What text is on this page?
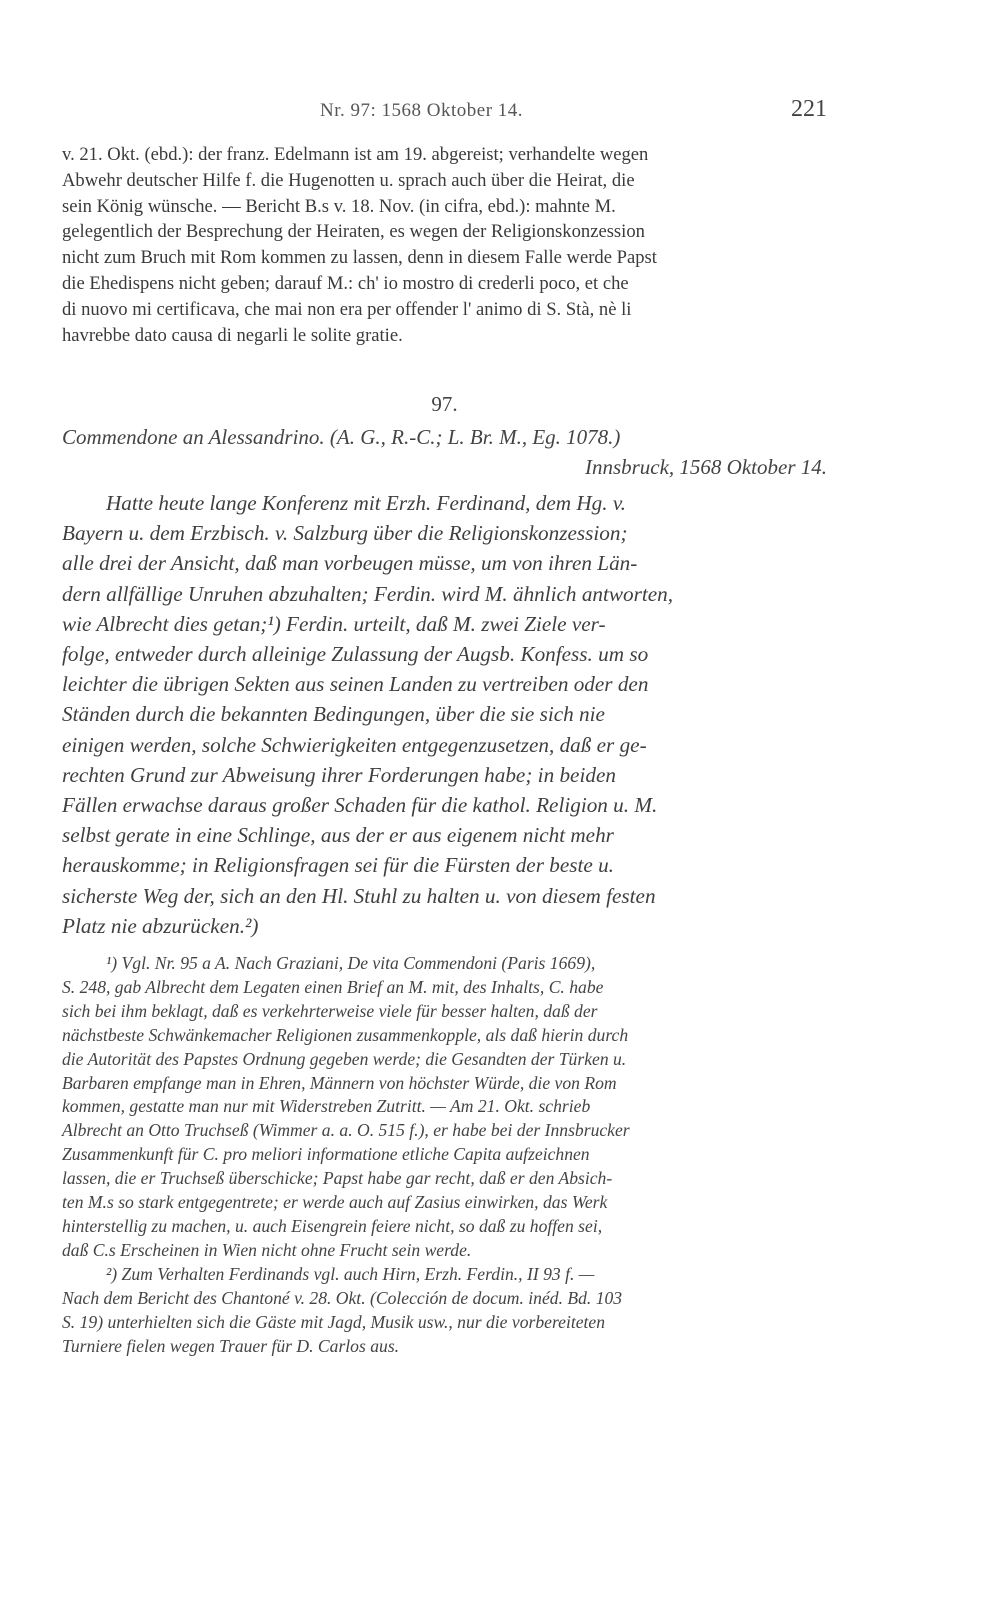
Nr. 97: 1568 Oktober 14.	221
v. 21. Okt. (ebd.): der franz. Edelmann ist am 19. abgereist; verhandelte wegen
Abwehr deutscher Hilfe f. die Hugenotten u. sprach auch über die Heirat, die
sein König wünsche. — Bericht B.s v. 18. Nov. (in cifra, ebd.): mahnte M.
gelegentlich der Besprechung der Heiraten, es wegen der Religionskonzession
nicht zum Bruch mit Rom kommen zu lassen, denn in diesem Falle werde Papst
die Ehedispens nicht geben; darauf M.: ch' io mostro di crederli poco, et che
di nuovo mi certificava, che mai non era per offender l' animo di S. Stà, nè li
havrebbe dato causa di negarli le solite gratie.
97.
Commendone an Alessandrino. (A. G., R.-C.; L. Br. M., Eg. 1078.)
Innsbruck, 1568 Oktober 14.
Hatte heute lange Konferenz mit Erzh. Ferdinand, dem Hg. v.
Bayern u. dem Erzbisch. v. Salzburg über die Religionskonzession;
alle drei der Ansicht, daß man vorbeugen müsse, um von ihren Län-
dern allfällige Unruhen abzuhalten; Ferdin. wird M. ähnlich antworten,
wie Albrecht dies getan;¹) Ferdin. urteilt, daß M. zwei Ziele ver-
folge, entweder durch alleinige Zulassung der Augsb. Konfess. um so
leichter die übrigen Sekten aus seinen Landen zu vertreiben oder den
Ständen durch die bekannten Bedingungen, über die sie sich nie
einigen werden, solche Schwierigkeiten entgegenzusetzen, daß er ge-
rechten Grund zur Abweisung ihrer Forderungen habe; in beiden
Fällen erwachse daraus großer Schaden für die kathol. Religion u. M.
selbst gerate in eine Schlinge, aus der er aus eigenem nicht mehr
herauskomme; in Religionsfragen sei für die Fürsten der beste u.
sicherste Weg der, sich an den Hl. Stuhl zu halten u. von diesem festen
Platz nie abzurücken.²)
¹) Vgl. Nr. 95 a A. Nach Graziani, De vita Commendoni (Paris 1669),
S. 248, gab Albrecht dem Legaten einen Brief an M. mit, des Inhalts, C. habe
sich bei ihm beklagt, daß es verkehrterweise viele für besser halten, daß der
nächstbeste Schwänkemacher Religionen zusammenkopple, als daß hierin durch
die Autorität des Papstes Ordnung gegeben werde; die Gesandten der Türken u.
Barbaren empfange man in Ehren, Männern von höchster Würde, die von Rom
kommen, gestatte man nur mit Widerstreben Zutritt. — Am 21. Okt. schrieb
Albrecht an Otto Truchseß (Wimmer a. a. O. 515 f.), er habe bei der Innsbrucker
Zusammenkunft für C. pro meliori informatione etliche Capita aufzeichnen
lassen, die er Truchseß überschicke; Papst habe gar recht, daß er den Absich-
ten M.s so stark entgegentrete; er werde auch auf Zasius einwirken, das Werk
hinterstellig zu machen, u. auch Eisengrein feiere nicht, so daß zu hoffen sei,
daß C.s Erscheinen in Wien nicht ohne Frucht sein werde.
²) Zum Verhalten Ferdinands vgl. auch Hirn, Erzh. Ferdin., II 93 f. —
Nach dem Bericht des Chantoné v. 28. Okt. (Colección de docum. inéd. Bd. 103
S. 19) unterhielten sich die Gäste mit Jagd, Musik usw., nur die vorbereiteten
Turniere fielen wegen Trauer für D. Carlos aus.
